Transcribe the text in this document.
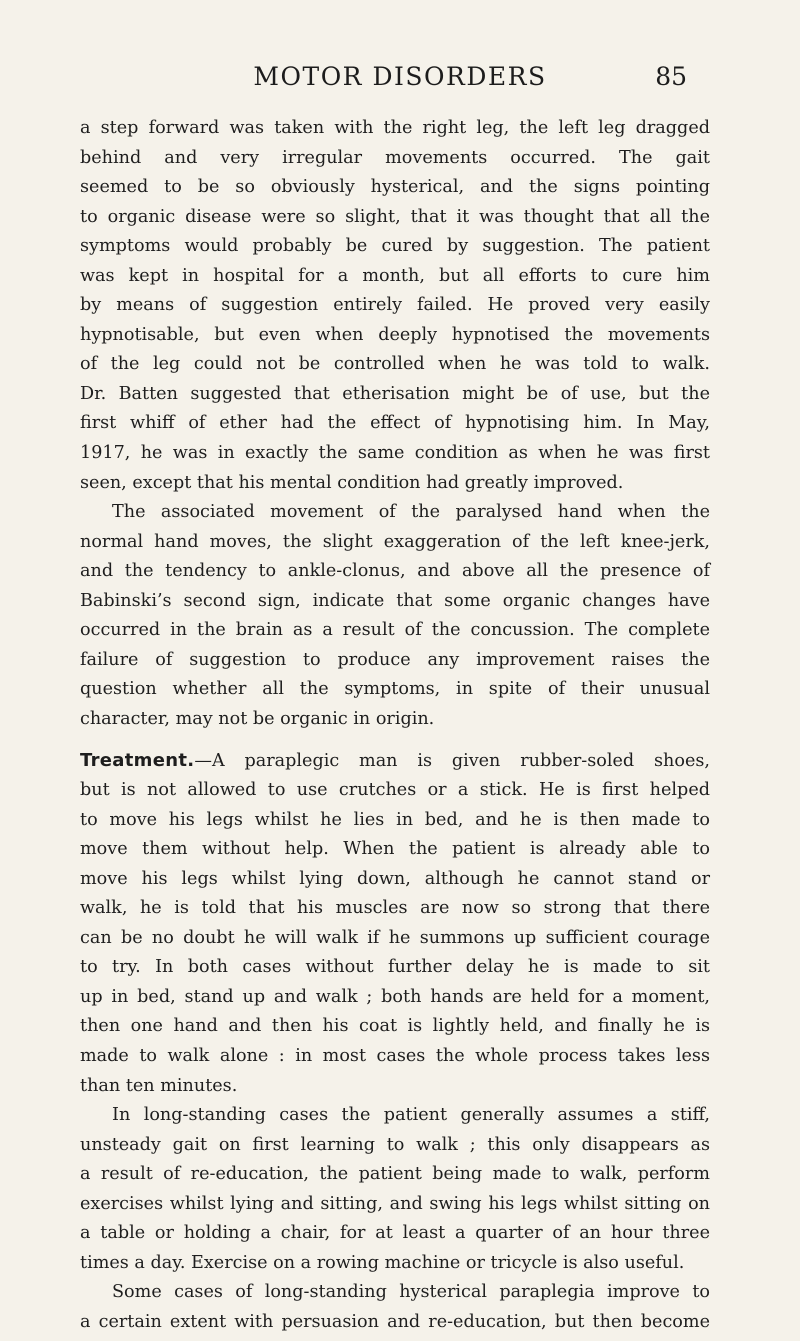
MOTOR DISORDERS	85
a step forward was taken with the right leg, the left leg dragged
behind and very irregular movements occurred. The gait
seemed to be so obviously hysterical, and the signs pointing
to organic disease were so slight, that it was thought that all the
symptoms would probably be cured by suggestion. The patient
was kept in hospital for a month, but all efforts to cure him
by means of suggestion entirely failed. He proved very easily
hypnotisable, but even when deeply hypnotised the movements
of the leg could not be controlled when he was told to walk.
Dr. Batten suggested that etherisation might be of use, but the
first whiff of ether had the effect of hypnotising him. In May,
1917, he was in exactly the same condition as when he was first
seen, except that his mental condition had greatly improved.
The associated movement of the paralysed hand when the
normal hand moves, the slight exaggeration of the left knee-jerk,
and the tendency to ankle-clonus, and above all the presence of
Babinski’s second sign, indicate that some organic changes have
occurred in the brain as a result of the concussion. The complete
failure of suggestion to produce any improvement raises the
question whether all the symptoms, in spite of their unusual
character, may not be organic in origin.
Treatment.—A paraplegic man is given rubber-soled shoes,
but is not allowed to use crutches or a stick. He is first helped
to move his legs whilst he lies in bed, and he is then made to
move them without help. When the patient is already able to
move his legs whilst lying down, although he cannot stand or
walk, he is told that his muscles are now so strong that there
can be no doubt he will walk if he summons up sufficient courage
to try. In both cases without further delay he is made to sit
up in bed, stand up and walk ; both hands are held for a moment,
then one hand and then his coat is lightly held, and finally he is
made to walk alone : in most cases the whole process takes less
than ten minutes.
In long-standing cases the patient generally assumes a stiff,
unsteady gait on first learning to walk ; this only disappears as
a result of re-education, the patient being made to walk, perform
exercises whilst lying and sitting, and swing his legs whilst sitting on
a table or holding a chair, for at least a quarter of an hour three
times a day. Exercise on a rowing machine or tricycle is also useful.
Some cases of long-standing hysterical paraplegia improve to
a certain extent with persuasion and re-education, but then become
